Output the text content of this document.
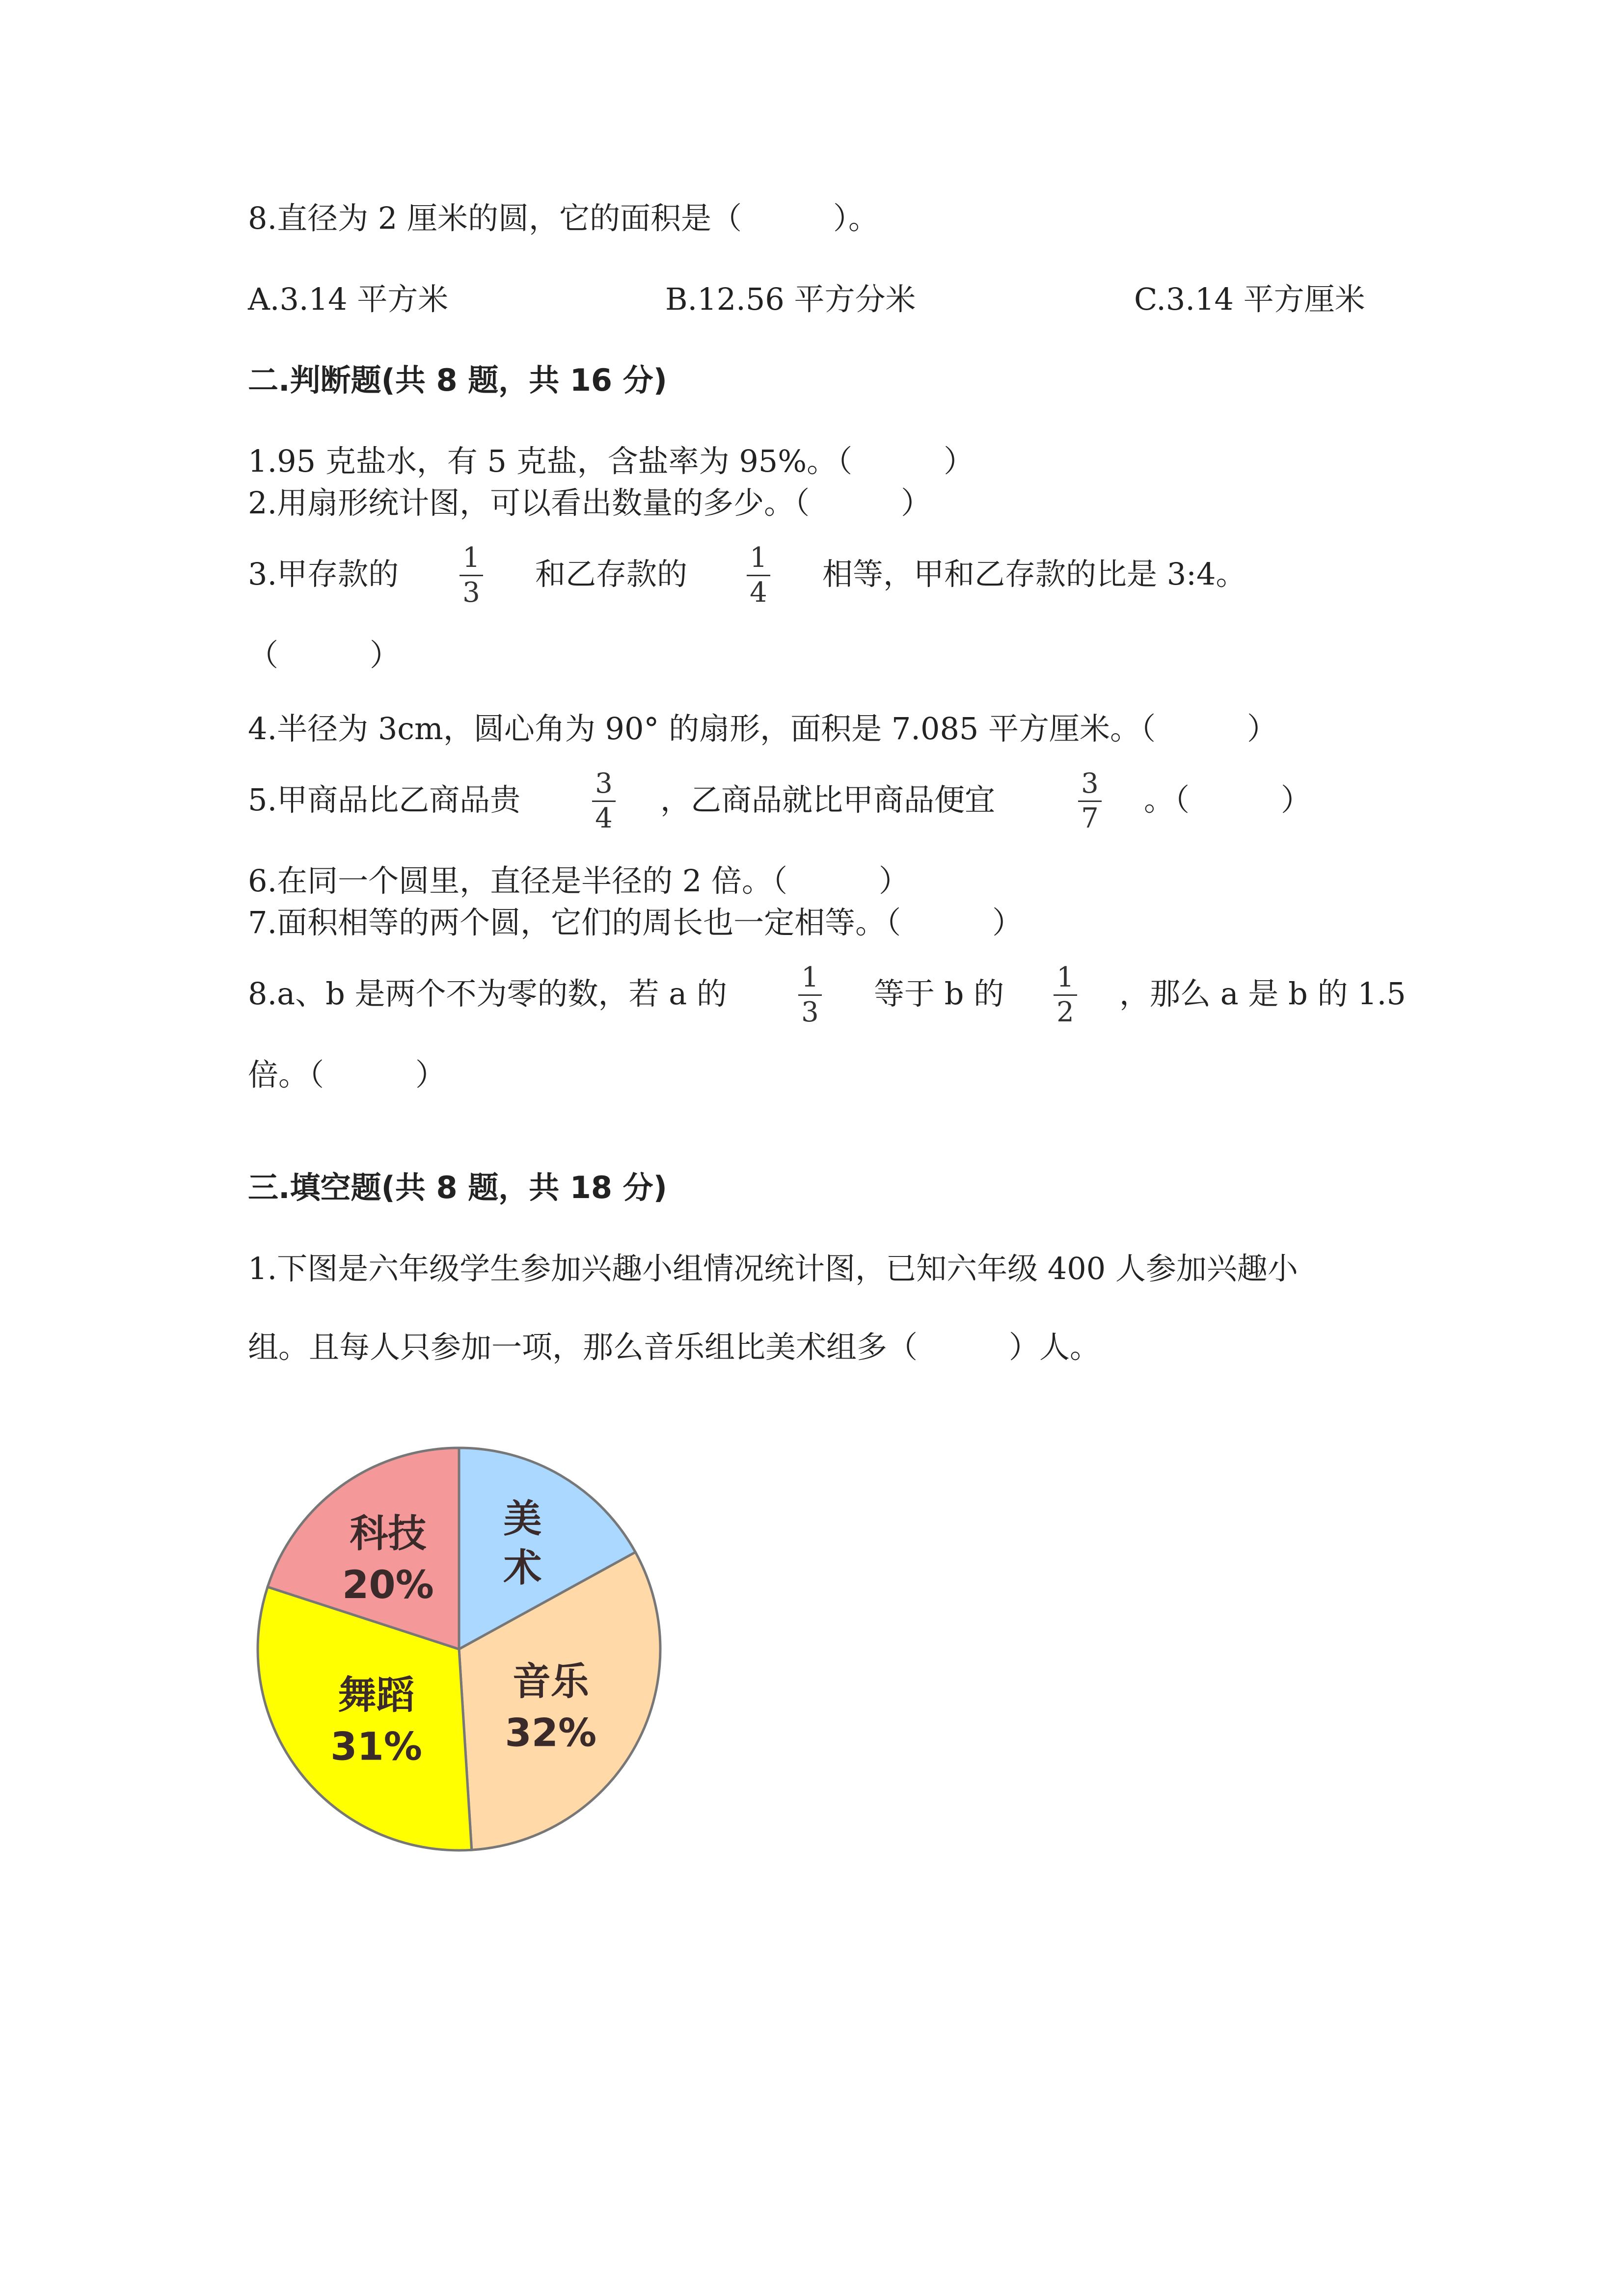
8.直径为 2 厘米的圆，它的面积是（　　　）。

A.3.14 平方米	B.12.56 平方分米	C.3.14 平方厘米

二.判断题(共 8 题，共 16 分)

1.95 克盐水，有 5 克盐，含盐率为 95%。（　　　）

2.用扇形统计图，可以看出数量的多少。（　　　）

3.甲存款的 1
3
和乙存款的 1
4
相等，甲和乙存款的比是 3:4。

（　　　）

4.半径为 3cm，圆心角为 90° 的扇形，面积是 7.085 平方厘米。（　　　）

5.甲商品比乙商品贵	3
4
，乙商品就比甲商品便宜	3
7
。（　　　）

6.在同一个圆里，直径是半径的 2 倍。（　　　）

7.面积相等的两个圆，它们的周长也一定相等。（　　　）

8.a、b 是两个不为零的数，若 a 的	1
3
等于 b 的 1
2
，那么 a 是 b 的 1.5

倍。（　　　）

三.填空题(共 8 题，共 18 分)

1.下图是六年级学生参加兴趣小组情况统计图，已知六年级 400 人参加兴趣小

组。且每人只参加一项，那么音乐组比美术组多（　　　）人。

美术
音乐
32%
舞蹈
31%
科技
20%
